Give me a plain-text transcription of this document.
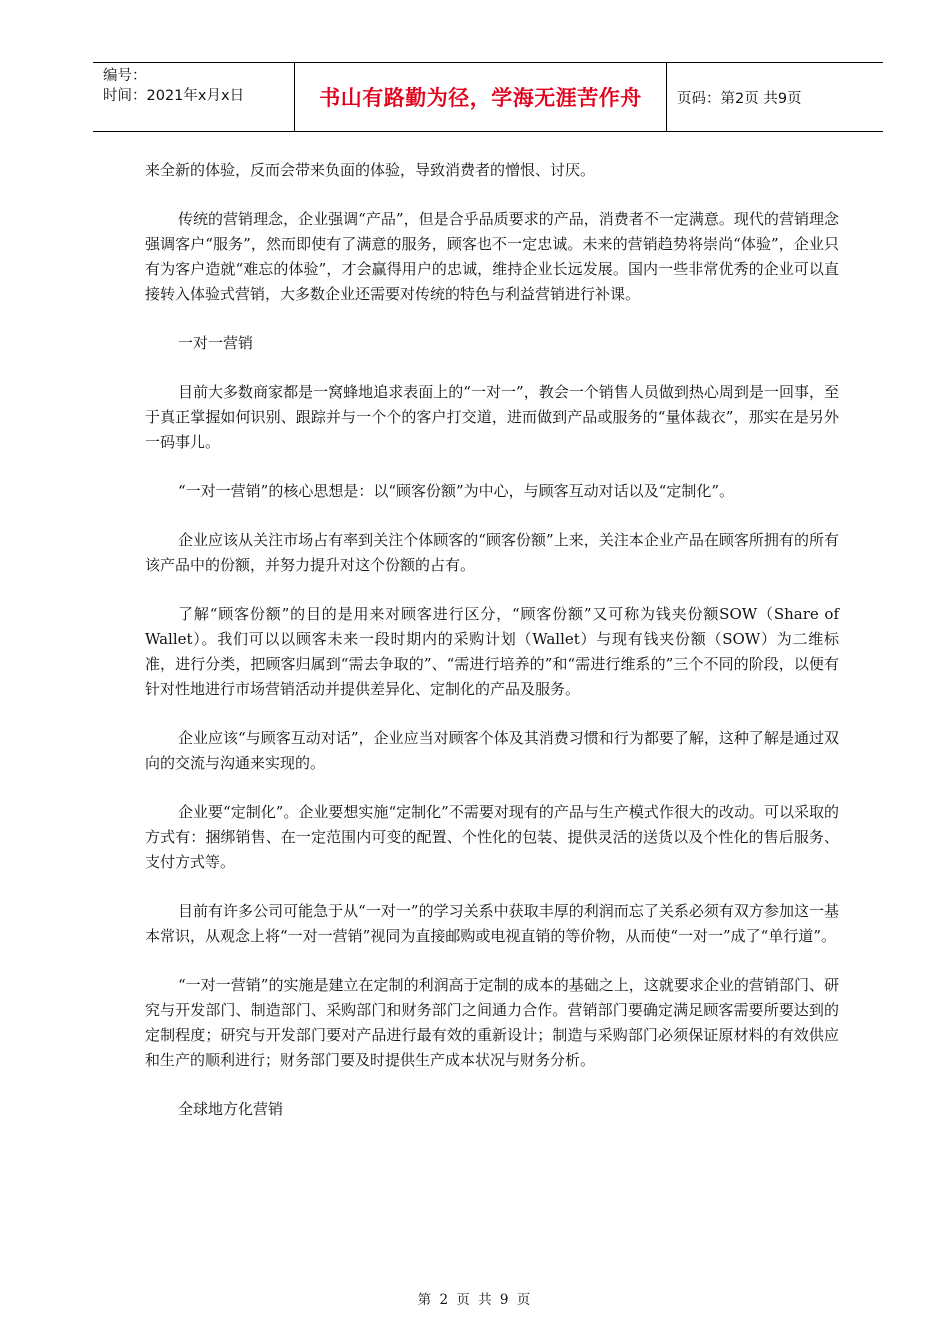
编号：
时间：2021年x月x日	书山有路勤为径，学海无涯苦作舟	页码：第2页 共9页

来全新的体验，反而会带来负面的体验，导致消费者的憎恨、讨厌。

传统的营销理念，企业强调“产品”，但是合乎品质要求的产品，消费者不一定满意。现代的营销理念强调客户“服务”，然而即使有了满意的服务，顾客也不一定忠诚。未来的营销趋势将崇尚“体验”，企业只有为客户造就“难忘的体验”，才会赢得用户的忠诚，维持企业长远发展。国内一些非常优秀的企业可以直接转入体验式营销，大多数企业还需要对传统的特色与利益营销进行补课。

一对一营销

目前大多数商家都是一窝蜂地追求表面上的“一对一”，教会一个销售人员做到热心周到是一回事，至于真正掌握如何识别、跟踪并与一个个的客户打交道，进而做到产品或服务的“量体裁衣”，那实在是另外一码事儿。

“一对一营销”的核心思想是：以“顾客份额”为中心，与顾客互动对话以及“定制化”。

企业应该从关注市场占有率到关注个体顾客的“顾客份额”上来，关注本企业产品在顾客所拥有的所有该产品中的份额，并努力提升对这个份额的占有。

了解“顾客份额”的目的是用来对顾客进行区分，“顾客份额”又可称为钱夹份额SOW（Share of Wallet）。我们可以以顾客未来一段时期内的采购计划（Wallet）与现有钱夹份额（SOW）为二维标准，进行分类，把顾客归属到“需去争取的”、“需进行培养的”和“需进行维系的”三个不同的阶段，以便有针对性地进行市场营销活动并提供差异化、定制化的产品及服务。

企业应该“与顾客互动对话”，企业应当对顾客个体及其消费习惯和行为都要了解，这种了解是通过双向的交流与沟通来实现的。

企业要“定制化”。企业要想实施“定制化”不需要对现有的产品与生产模式作很大的改动。可以采取的方式有：捆绑销售、在一定范围内可变的配置、个性化的包装、提供灵活的送货以及个性化的售后服务、支付方式等。

目前有许多公司可能急于从“一对一”的学习关系中获取丰厚的利润而忘了关系必须有双方参加这一基本常识，从观念上将“一对一营销”视同为直接邮购或电视直销的等价物，从而使“一对一”成了“单行道”。

“一对一营销”的实施是建立在定制的利润高于定制的成本的基础之上，这就要求企业的营销部门、研究与开发部门、制造部门、采购部门和财务部门之间通力合作。营销部门要确定满足顾客需要所要达到的定制程度；研究与开发部门要对产品进行最有效的重新设计；制造与采购部门必须保证原材料的有效供应和生产的顺利进行；财务部门要及时提供生产成本状况与财务分析。

全球地方化营销

第 2 页 共 9 页
